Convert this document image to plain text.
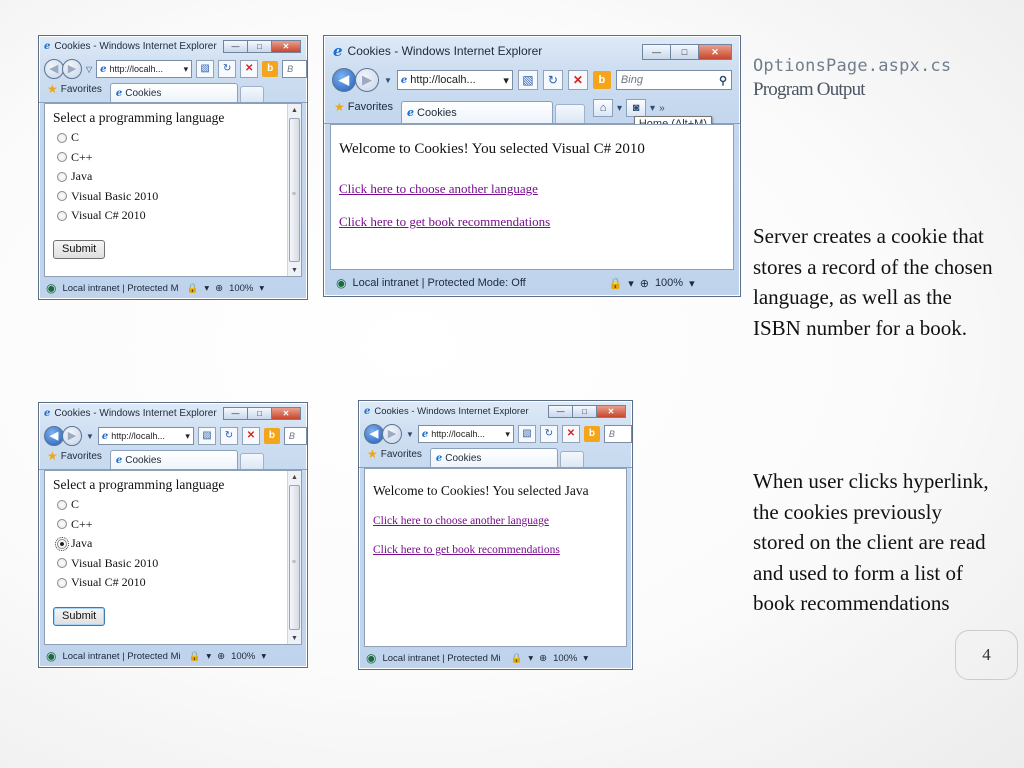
e Cookies - Windows Internet Explorer	—	□	✕
◀ ▶	▽ e http://localh...	▾	▧	↻	✕	b	B
★ Favorites e Cookies
Select a programming language
C
C++
Java
Visual Basic 2010
Visual C# 2010
Submit
▲
≡
▼
◉ Local intranet | Protected M 🔒 ▾ ⊕ 100% ▾
e Cookies - Windows Internet Explorer	—	□	✕
◀	▶	▼ e http://localh...	▾	▧	↻	✕	b	Bing	⚲
★ Favorites e Cookies	⌂	▾ ◙	▾ »
Welcome to Cookies! You selected Visual C# 2010
Click here to choose another language
Click here to get book recommendations
◉ Local intranet | Protected Mode: Off	🔒 ▾ ⊕ 100% ▾
e Cookies - Windows Internet Explorer	—	□	✕
◀ ▶	▼ e http://localh...	▾	▧	↻	✕	b	B
★ Favorites e Cookies
Select a programming language
C
C++
Java
Visual Basic 2010
Visual C# 2010
Submit
▲
≡
▼
◉ Local intranet | Protected Mi 🔒 ▾ ⊕ 100% ▾
e Cookies - Windows Internet Explorer	—	□	✕
◀ ▶	▼ e http://localh...	▾	▧	↻	✕	b	B
★ Favorites e Cookies
Welcome to Cookies! You selected Java
Click here to choose another language
Click here to get book recommendations
◉ Local intranet | Protected Mi	🔒 ▾ ⊕ 100% ▾
OptionsPage.aspx.cs
Program Output
Server creates a cookie that stores a record of the chosen language, as well as the ISBN number for a book.
When user clicks hyperlink, the cookies previously stored on the client are read and used to form a list of book recommendations
4
